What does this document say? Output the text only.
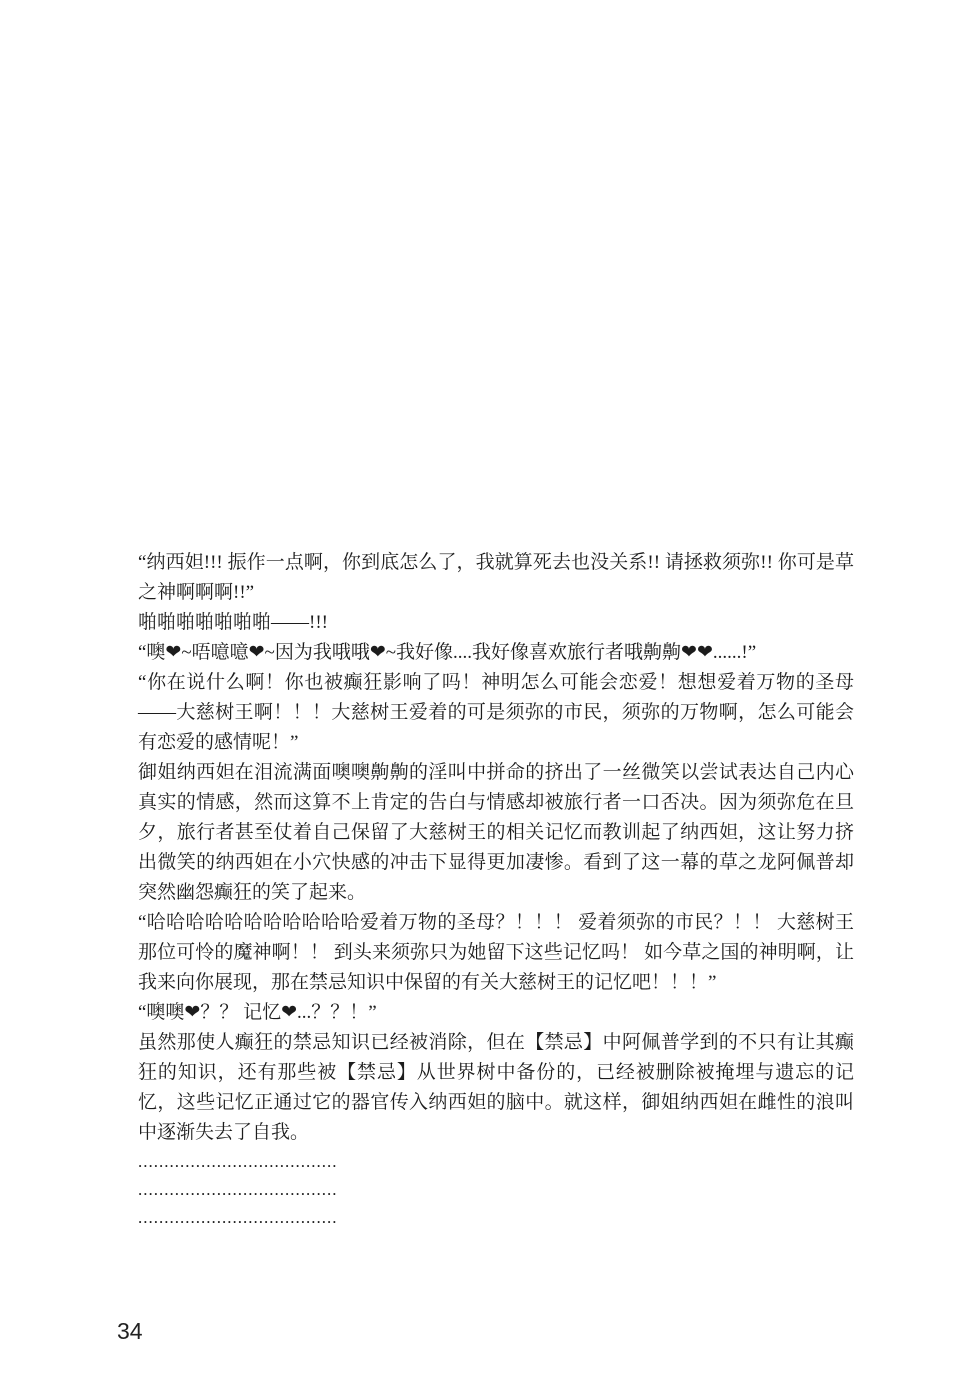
“纳西妲!!! 振作一点啊，你到底怎么了，我就算死去也没关系!! 请拯救须弥!! 你可是草之神啊啊啊!!”

啪啪啪啪啪啪啪——!!!

“噢❤~唔噫噫❤~因为我哦哦❤~我好像....我好像喜欢旅行者哦齁齁❤❤......!”

“你在说什么啊！你也被癫狂影响了吗！神明怎么可能会恋爱！想想爱着万物的圣母——大慈树王啊！！！大慈树王爱着的可是须弥的市民，须弥的万物啊，怎么可能会有恋爱的感情呢！”

御姐纳西妲在泪流满面噢噢齁齁的淫叫中拼命的挤出了一丝微笑以尝试表达自己内心真实的情感，然而这算不上肯定的告白与情感却被旅行者一口否决。因为须弥危在旦夕，旅行者甚至仗着自己保留了大慈树王的相关记忆而教训起了纳西妲，这让努力挤出微笑的纳西妲在小穴快感的冲击下显得更加凄惨。看到了这一幕的草之龙阿佩普却突然幽怨癫狂的笑了起来。

“哈哈哈哈哈哈哈哈哈哈哈爱着万物的圣母？！！！ 爱着须弥的市民？！！ 大慈树王那位可怜的魔神啊！！ 到头来须弥只为她留下这些记忆吗！ 如今草之国的神明啊，让我来向你展现，那在禁忌知识中保留的有关大慈树王的记忆吧！！！”

“噢噢❤？？ 记忆❤...？？！”

虽然那使人癫狂的禁忌知识已经被消除，但在【禁忌】中阿佩普学到的不只有让其癫狂的知识，还有那些被【禁忌】从世界树中备份的，已经被删除被掩埋与遗忘的记忆，这些记忆正通过它的器官传入纳西妲的脑中。就这样，御姐纳西妲在雌性的浪叫中逐渐失去了自我。

......................................

......................................

......................................

34
